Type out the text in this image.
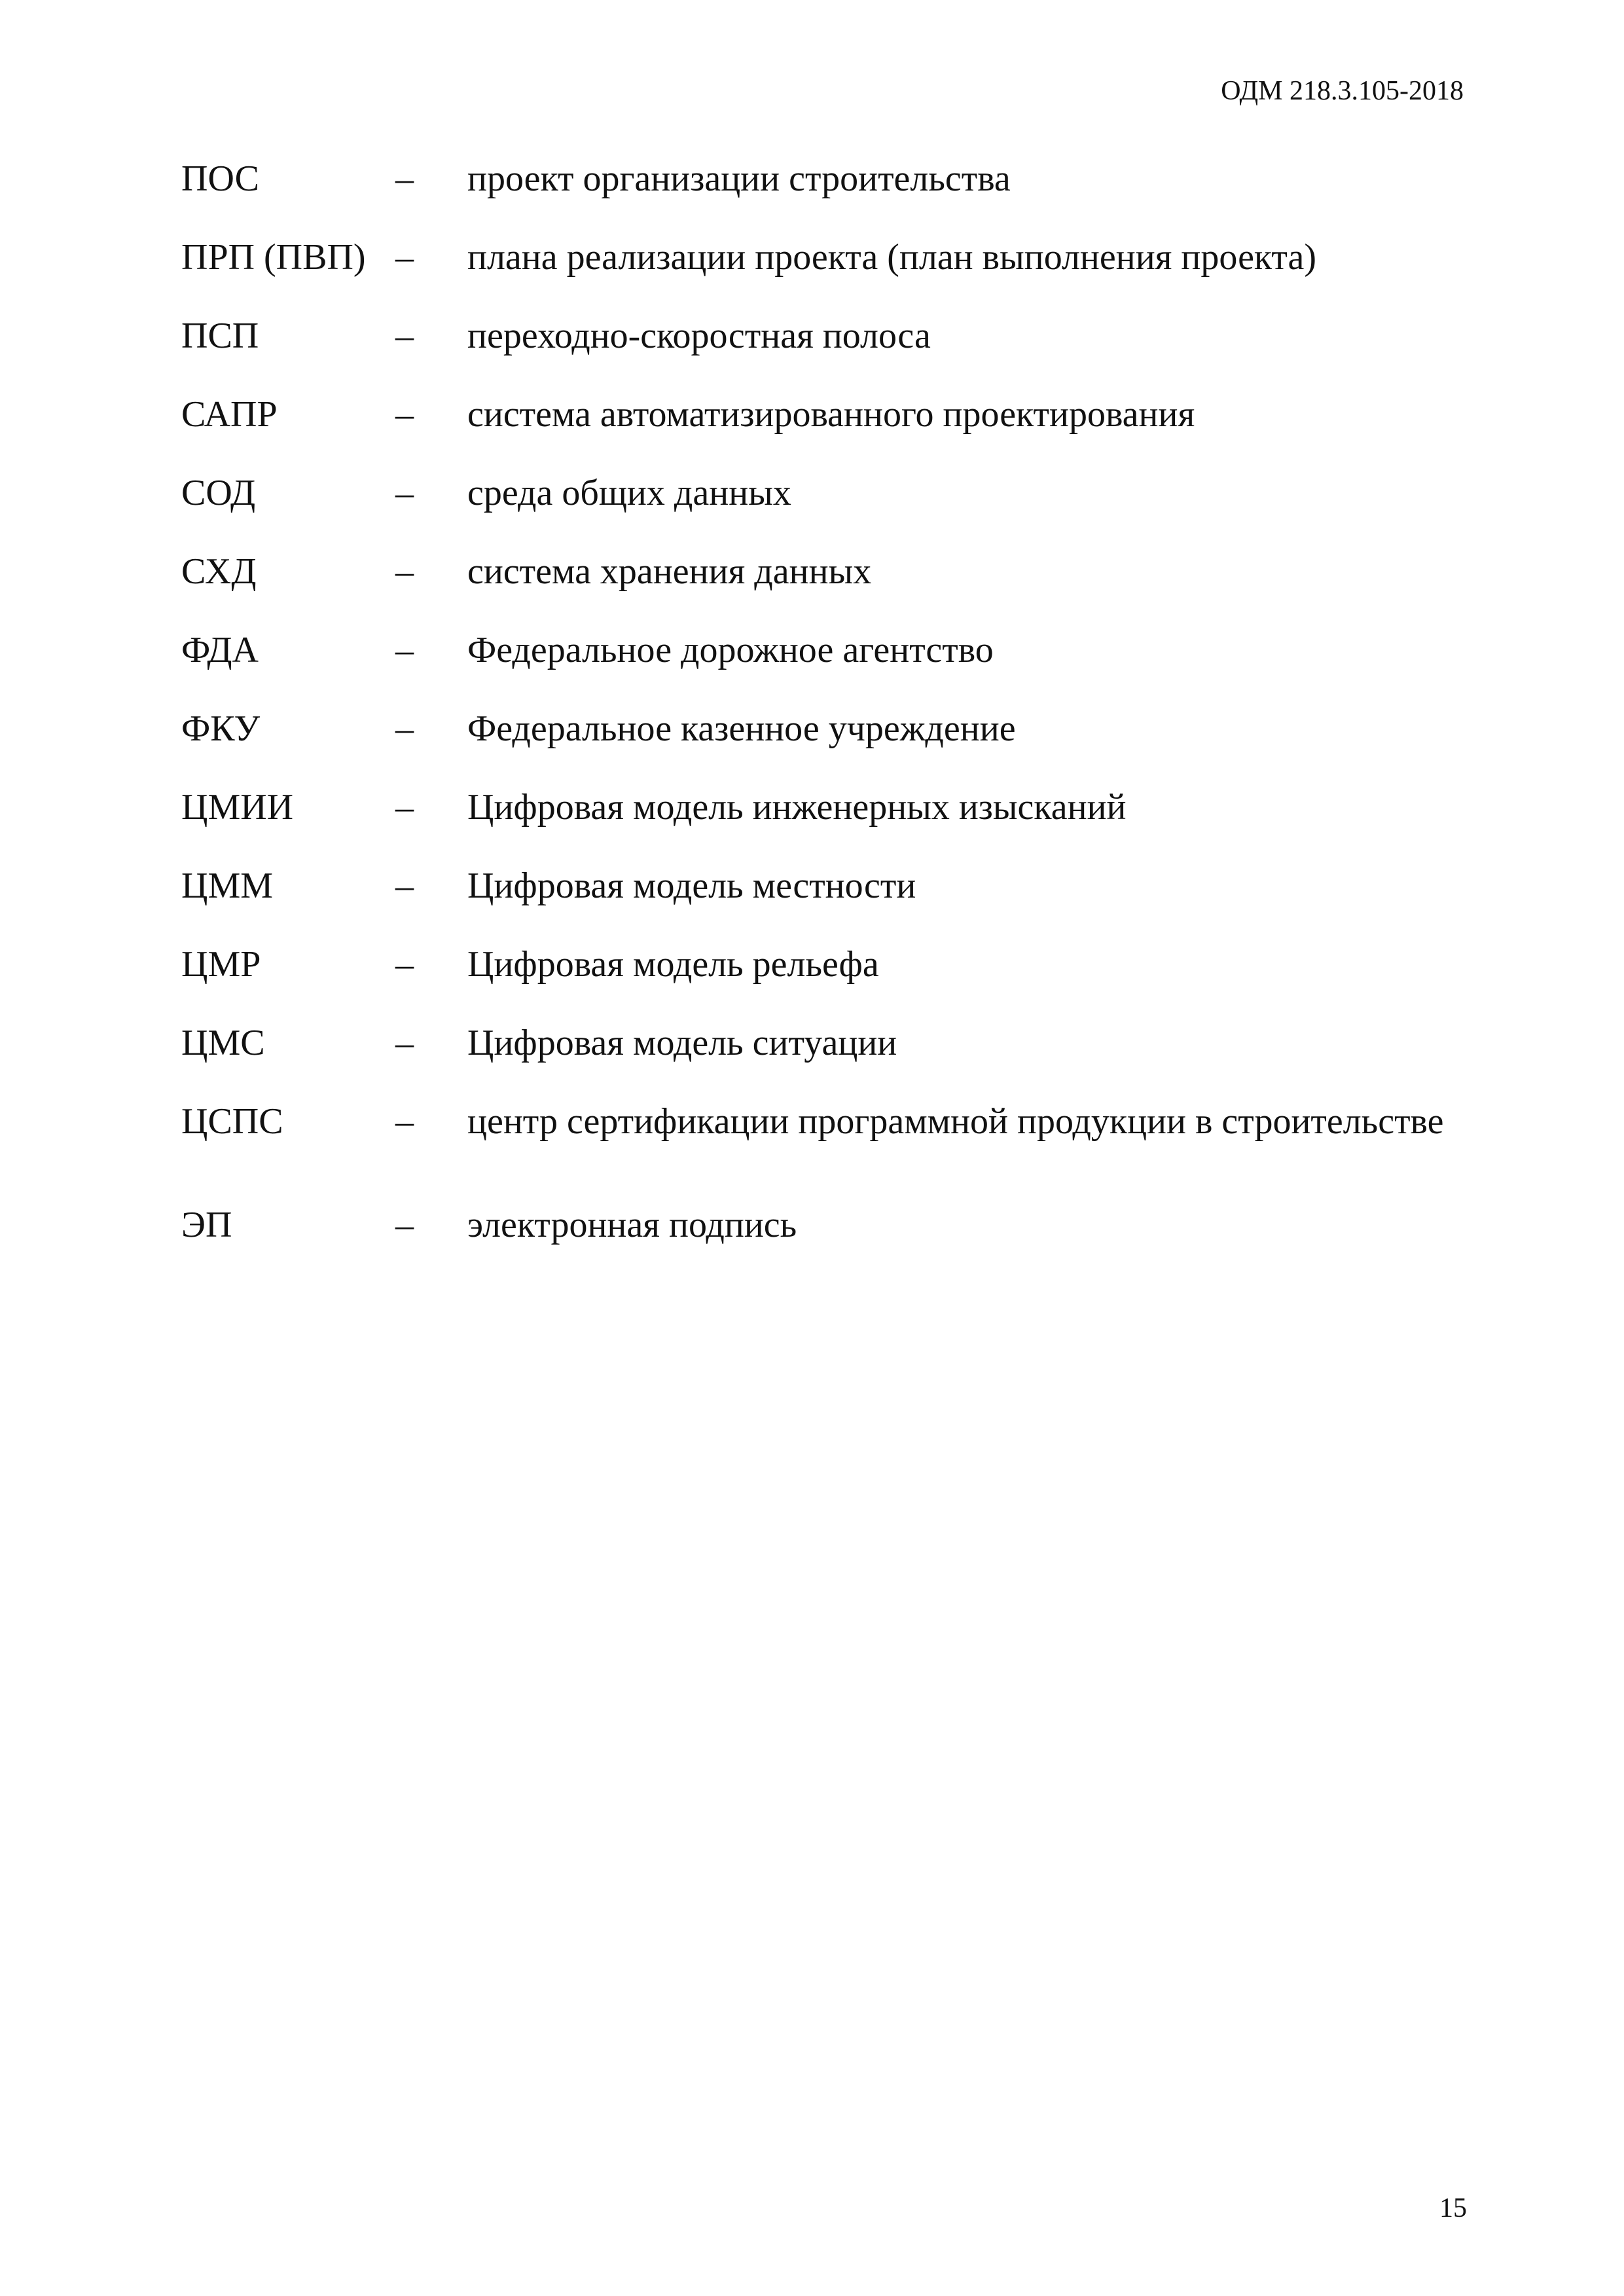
ОДМ 218.3.105-2018
ПОС	– проект организации строительства
ПРП (ПВП) – плана реализации проекта (план выполнения проекта)
ПСП	– переходно-скоростная полоса
САПР	– система автоматизированного проектирования
СОД	– среда общих данных
СХД	– система хранения данных
ФДА	– Федеральное дорожное агентство
ФКУ	– Федеральное казенное учреждение
ЦМИИ	– Цифровая модель инженерных изысканий
ЦММ	– Цифровая модель местности
ЦМР	– Цифровая модель рельефа
ЦМС	– Цифровая модель ситуации
ЦСПС	– центр сертификации программной продукции в строительстве
ЭП	– электронная подпись
15
